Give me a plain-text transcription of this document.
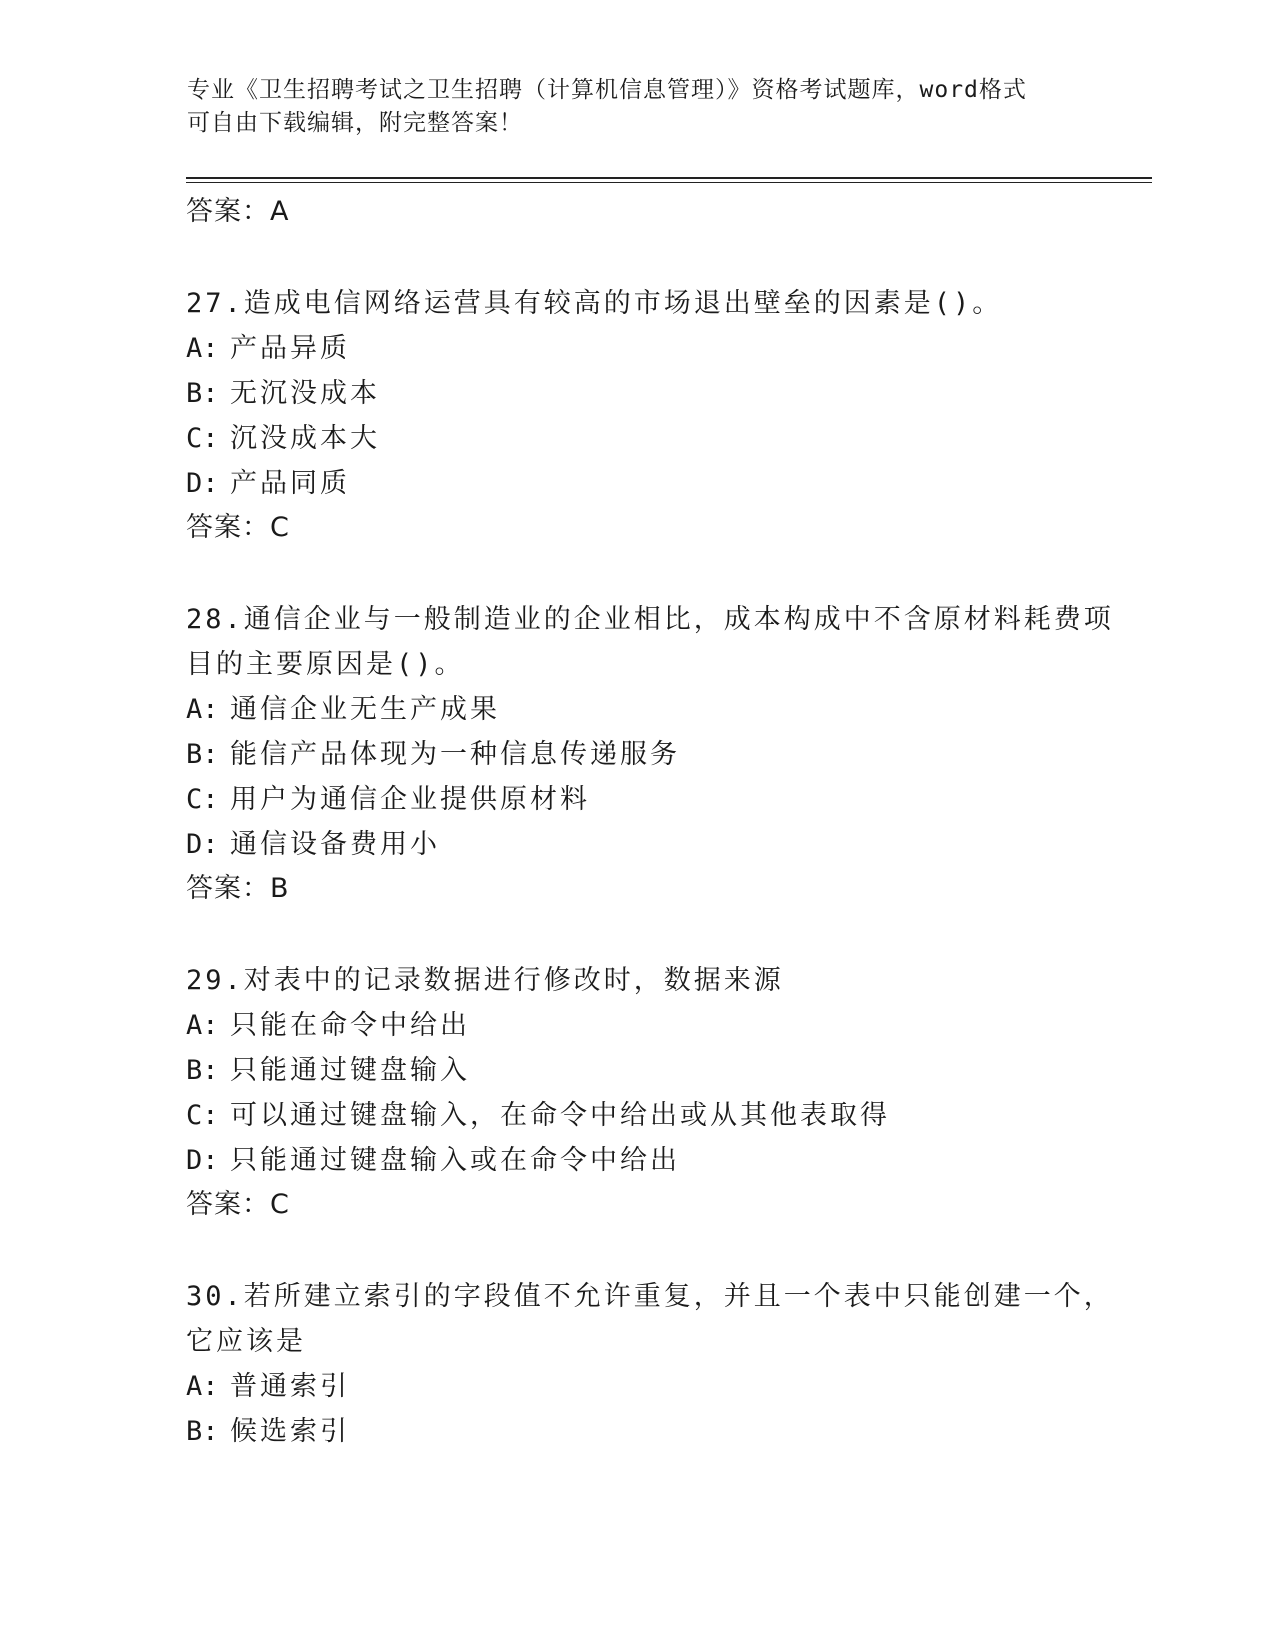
专业《卫生招聘考试之卫生招聘（计算机信息管理）》资格考试题库，word格式
可自由下载编辑，附完整答案！
答案：A
27.造成电信网络运营具有较高的市场退出壁垒的因素是()。
A: 产品异质
B: 无沉没成本
C: 沉没成本大
D: 产品同质
答案：C
28.通信企业与一般制造业的企业相比，成本构成中不含原材料耗费项
目的主要原因是()。
A: 通信企业无生产成果
B: 能信产品体现为一种信息传递服务
C: 用户为通信企业提供原材料
D: 通信设备费用小
答案：B
29.对表中的记录数据进行修改时，数据来源
A: 只能在命令中给出
B: 只能通过键盘输入
C: 可以通过键盘输入，在命令中给出或从其他表取得
D: 只能通过键盘输入或在命令中给出
答案：C
30.若所建立索引的字段值不允许重复，并且一个表中只能创建一个，
它应该是
A: 普通索引
B: 候选索引
